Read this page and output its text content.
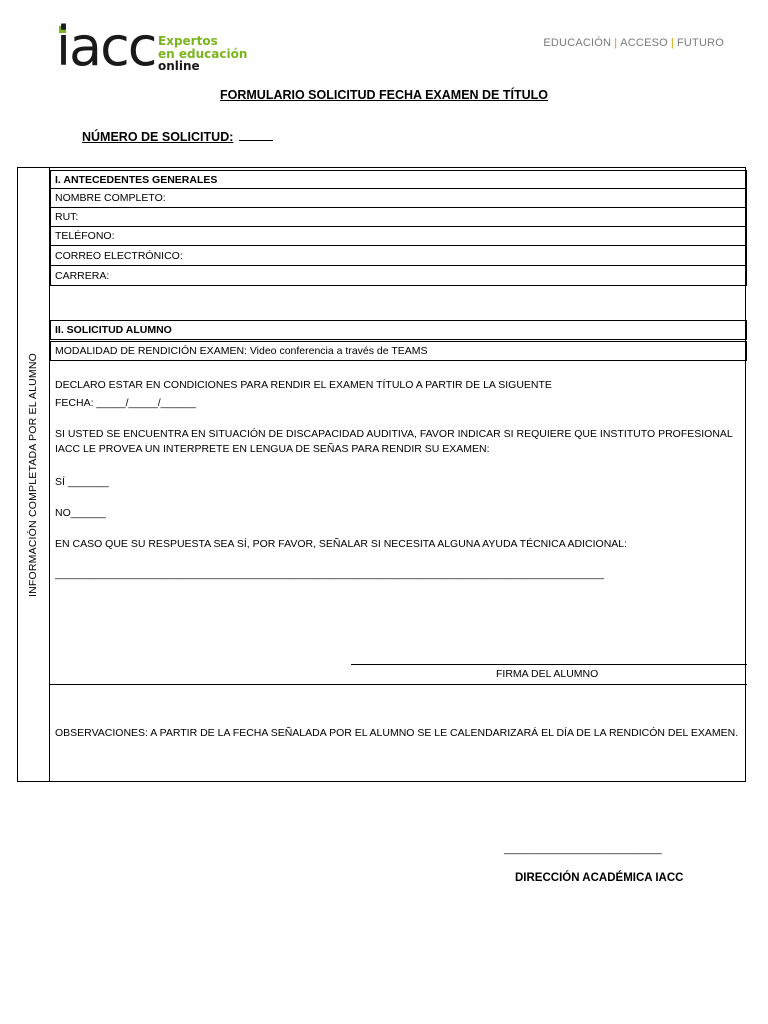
iacc Expertos
en educación
online
EDUCACIÓN | ACCESO | FUTURO
FORMULARIO SOLICITUD FECHA EXAMEN DE TÍTULO
NÚMERO DE SOLICITUD:
INFORMACIÓN COMPLETADA POR EL ALUMNO
I. ANTECEDENTES GENERALES
NOMBRE COMPLETO:
RUT:
TELÉFONO:
CORREO ELECTRÓNICO:
CARRERA:
II. SOLICITUD ALUMNO
MODALIDAD DE RENDICIÓN EXAMEN: Video conferencia a través de TEAMS
DECLARO ESTAR EN CONDICIONES PARA RENDIR EL EXAMEN TÍTULO A PARTIR DE LA SIGUENTE
FECHA: _____/_____/______
SI USTED SE ENCUENTRA EN SITUACIÓN DE DISCAPACIDAD AUDITIVA, FAVOR INDICAR SI REQUIERE QUE INSTITUTO PROFESIONAL
IACC LE PROVEA UN INTERPRETE EN LENGUA DE SEÑAS PARA RENDIR SU EXAMEN:
SÍ _______
NO______
EN CASO QUE SU RESPUESTA SEA SÍ, POR FAVOR, SEÑALAR SI NECESITA ALGUNA AYUDA TÉCNICA ADICIONAL:
______________________________________________________________________________________________
FIRMA DEL ALUMNO
OBSERVACIONES: A PARTIR DE LA FECHA SEÑALADA POR EL ALUMNO SE LE CALENDARIZARÁ EL DÍA DE LA RENDICÓN DEL EXAMEN.
___________________________
DIRECCIÓN ACADÉMICA IACC
